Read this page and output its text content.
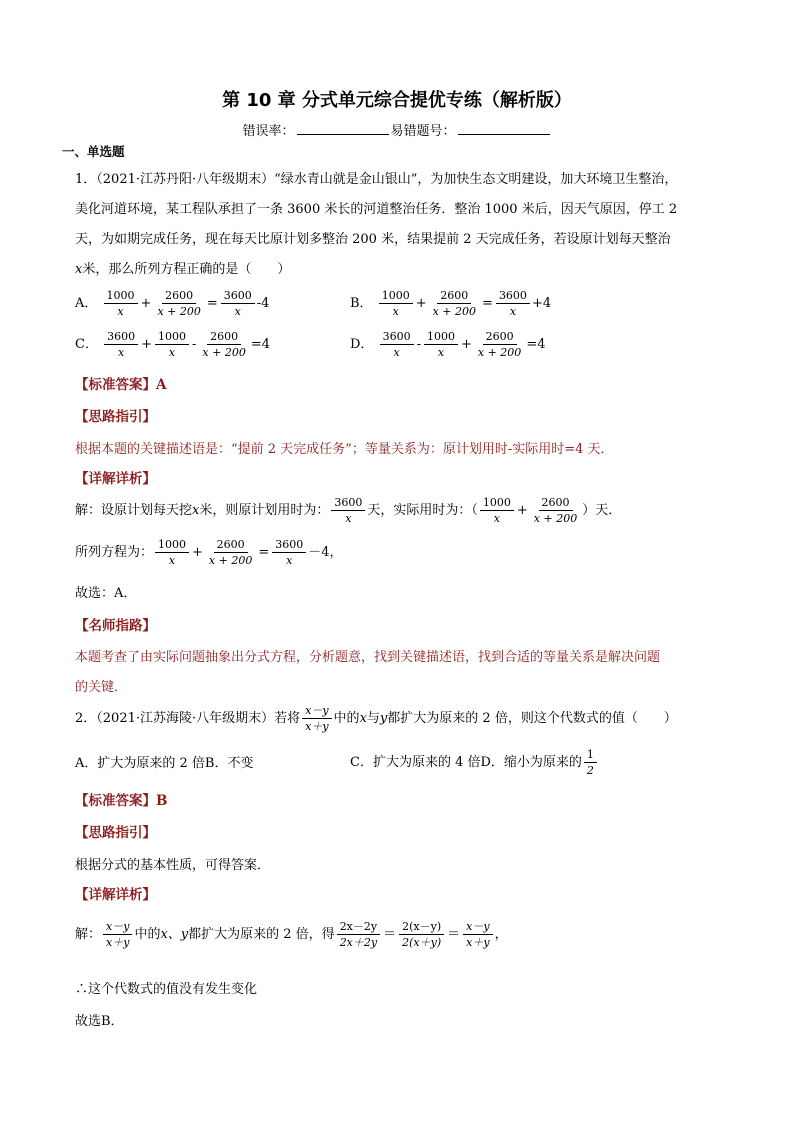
第 10 章 分式单元综合提优专练（解析版）
错误率：	易错题号：
一、单选题
1．（2021·江苏丹阳·八年级期末）“绿水青山就是金山银山”，为加快生态文明建设，加大环境卫生整治，
美化河道环境，某工程队承担了一条 3600 米长的河道整治任务．整治 1000 米后，因天气原因，停工 2
天，为如期完成任务，现在每天比原计划多整治 200 米，结果提前 2 天完成任务，若设原计划每天整治
x米，那么所列方程正确的是（　　）
A． $\frac{1000}{x} + \frac{2600}{x + 200} = \frac{3600}{x} -4$	B． $\frac{1000}{x} + \frac{2600}{x + 200} = \frac{3600}{x} +4$
C． $\frac{3600}{x} + \frac{1000}{x} - \frac{2600}{x + 200} =4$	D． $\frac{3600}{x} - \frac{1000}{x} + \frac{2600}{x + 200} =4$
【标准答案】A
【思路指引】
根据本题的关键描述语是：“提前 2 天完成任务”；等量关系为：原计划用时-实际用时=4 天．
【详解详析】
解：设原计划每天挖x米，则原计划用时为： $\frac{3600}{x}$ 天，实际用时为：（ $\frac{1000}{x} + \frac{2600}{x + 200}$ ）天．
所列方程为： $\frac{1000}{x} + \frac{2600}{x + 200} = \frac{3600}{x} -4$，
故选：A．
【名师指路】
本题考查了由实际问题抽象出分式方程，分析题意，找到关键描述语，找到合适的等量关系是解决问题
的关键．
2．（2021·江苏海陵·八年级期末）若将 $\frac{x-y}{x+y}$ 中的x与y都扩大为原来的 2 倍，则这个代数式的值（　　）
A．扩大为原来的 2 倍B．不变	C．扩大为原来的 4 倍D．缩小为原来的 $\frac{1}{2}$
【标准答案】B
【思路指引】
根据分式的基本性质，可得答案．
【详解详析】
解： $\frac{x-y}{x+y}$ 中的x、y都扩大为原来的 2 倍，得 $\frac{2x-2y}{2x+2y} = \frac{2(x-y)}{2(x+y)} = \frac{x-y}{x+y}$ ，
∴这个代数式的值没有发生变化
故选B．
